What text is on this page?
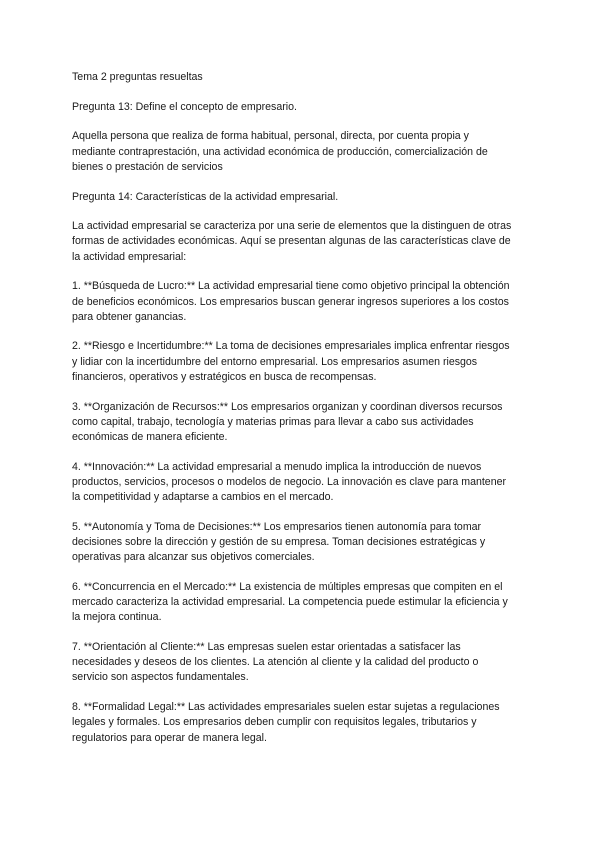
Tema 2 preguntas resueltas

Pregunta 13: Define el concepto de empresario.

Aquella persona que realiza de forma habitual, personal, directa, por cuenta propia y mediante contraprestación, una actividad económica de producción, comercialización de bienes o prestación de servicios

Pregunta 14: Características de la actividad empresarial.

La actividad empresarial se caracteriza por una serie de elementos que la distinguen de otras formas de actividades económicas. Aquí se presentan algunas de las características clave de la actividad empresarial:

1. **Búsqueda de Lucro:** La actividad empresarial tiene como objetivo principal la obtención de beneficios económicos. Los empresarios buscan generar ingresos superiores a los costos para obtener ganancias.

2. **Riesgo e Incertidumbre:** La toma de decisiones empresariales implica enfrentar riesgos y lidiar con la incertidumbre del entorno empresarial. Los empresarios asumen riesgos financieros, operativos y estratégicos en busca de recompensas.

3. **Organización de Recursos:** Los empresarios organizan y coordinan diversos recursos como capital, trabajo, tecnología y materias primas para llevar a cabo sus actividades económicas de manera eficiente.

4. **Innovación:** La actividad empresarial a menudo implica la introducción de nuevos productos, servicios, procesos o modelos de negocio. La innovación es clave para mantener la competitividad y adaptarse a cambios en el mercado.

5. **Autonomía y Toma de Decisiones:** Los empresarios tienen autonomía para tomar decisiones sobre la dirección y gestión de su empresa. Toman decisiones estratégicas y operativas para alcanzar sus objetivos comerciales.

6. **Concurrencia en el Mercado:** La existencia de múltiples empresas que compiten en el mercado caracteriza la actividad empresarial. La competencia puede estimular la eficiencia y la mejora continua.

7. **Orientación al Cliente:** Las empresas suelen estar orientadas a satisfacer las necesidades y deseos de los clientes. La atención al cliente y la calidad del producto o servicio son aspectos fundamentales.

8. **Formalidad Legal:** Las actividades empresariales suelen estar sujetas a regulaciones legales y formales. Los empresarios deben cumplir con requisitos legales, tributarios y regulatorios para operar de manera legal.
